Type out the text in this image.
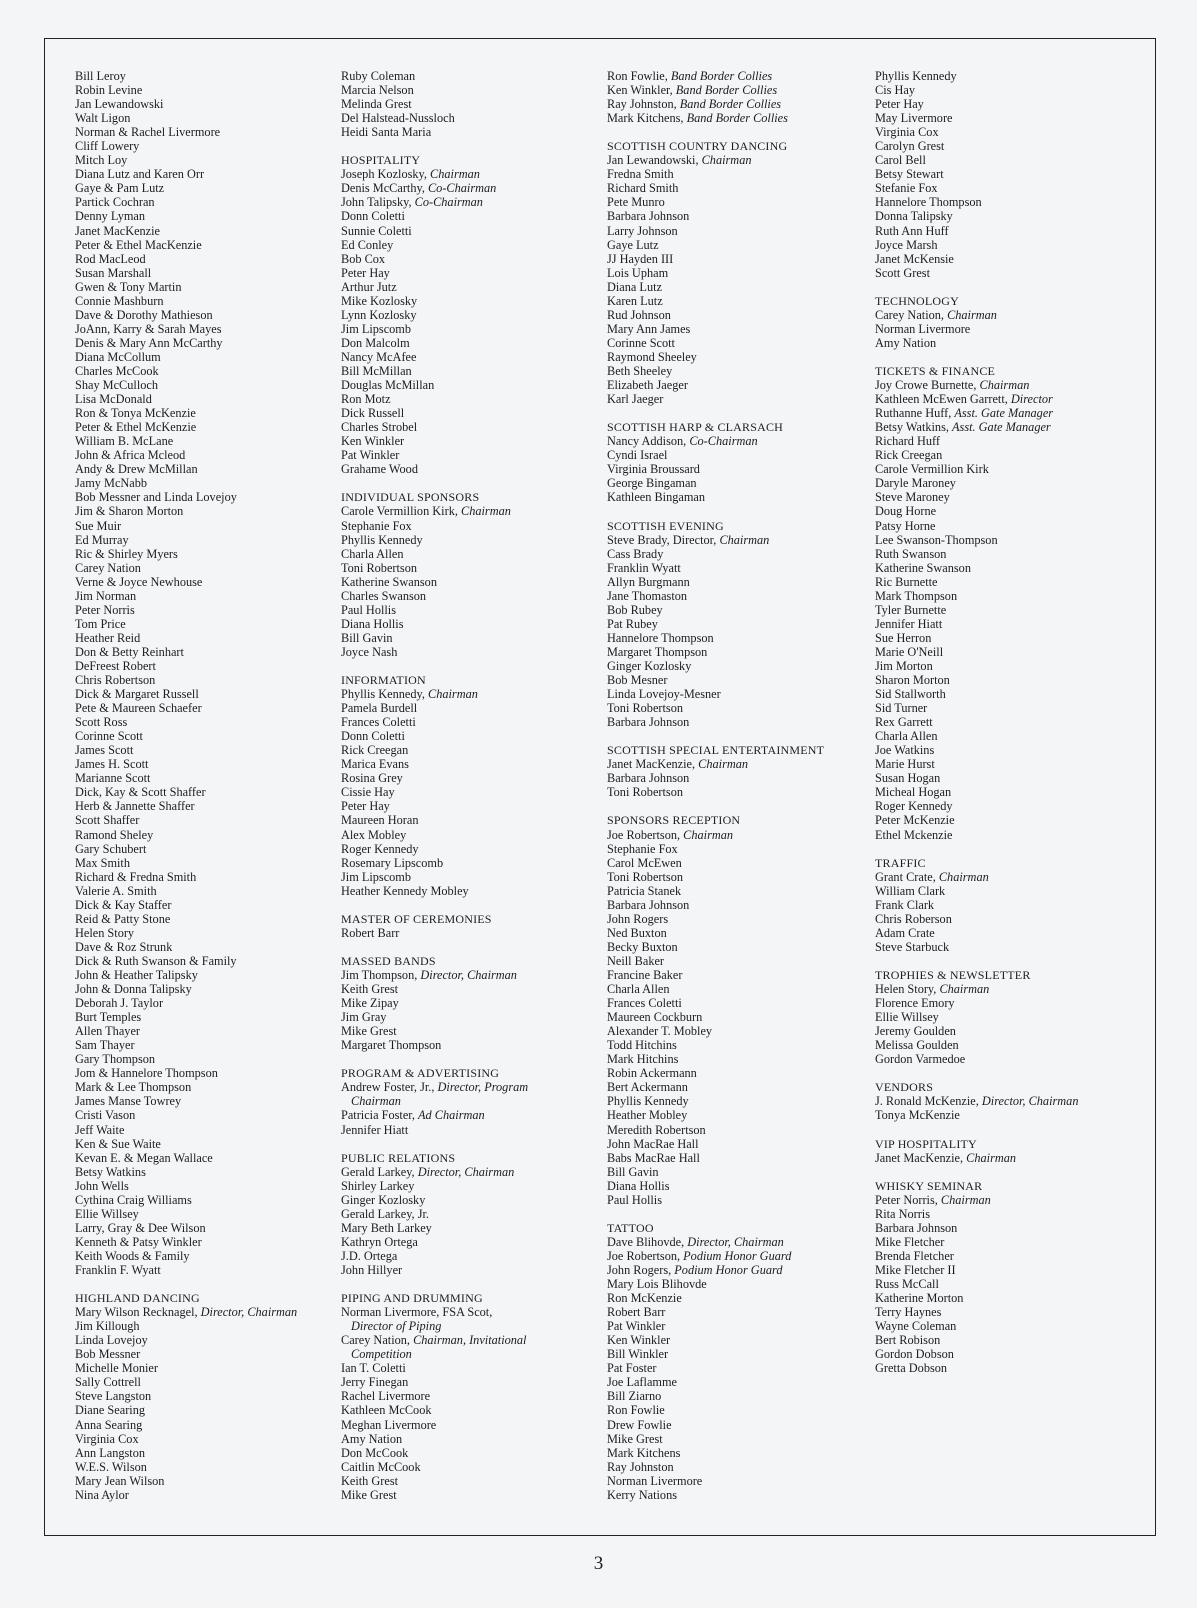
Bill Leroy
Robin Levine
Jan Lewandowski
Walt Ligon
Norman & Rachel Livermore
Cliff Lowery
Mitch Loy
Diana Lutz and Karen Orr
Gaye & Pam Lutz
Partick Cochran
Denny Lyman
Janet MacKenzie
Peter & Ethel MacKenzie
Rod MacLeod
Susan Marshall
Gwen & Tony Martin
Connie Mashburn
Dave & Dorothy Mathieson
JoAnn, Karry & Sarah Mayes
Denis & Mary Ann McCarthy
Diana McCollum
Charles McCook
Shay McCulloch
Lisa McDonald
Ron & Tonya McKenzie
Peter & Ethel McKenzie
William B. McLane
John & Africa Mcleod
Andy & Drew McMillan
Jamy McNabb
Bob Messner and Linda Lovejoy
Jim & Sharon Morton
Sue Muir
Ed Murray
Ric & Shirley Myers
Carey Nation
Verne & Joyce Newhouse
Jim Norman
Peter Norris
Tom Price
Heather Reid
Don & Betty Reinhart
DeFreest Robert
Chris Robertson
Dick & Margaret Russell
Pete & Maureen Schaefer
Scott Ross
Corinne Scott
James Scott
James H. Scott
Marianne Scott
Dick, Kay & Scott Shaffer
Herb & Jannette Shaffer
Scott Shaffer
Ramond Sheley
Gary Schubert
Max Smith
Richard & Fredna Smith
Valerie A. Smith
Dick & Kay Staffer
Reid & Patty Stone
Helen Story
Dave & Roz Strunk
Dick & Ruth Swanson & Family
John & Heather Talipsky
John & Donna Talipsky
Deborah J. Taylor
Burt Temples
Allen Thayer
Sam Thayer
Gary Thompson
Jom & Hannelore Thompson
Mark & Lee Thompson
James Manse Towrey
Cristi Vason
Jeff Waite
Ken & Sue Waite
Kevan E. & Megan Wallace
Betsy Watkins
John Wells
Cythina Craig Williams
Ellie Willsey
Larry, Gray & Dee Wilson
Kenneth & Patsy Winkler
Keith Woods & Family
Franklin F. Wyatt
HIGHLAND DANCING
Mary Wilson Recknagel, Director, Chairman
Jim Killough
Linda Lovejoy
Bob Messner
Michelle Monier
Sally Cottrell
Steve Langston
Diane Searing
Anna Searing
Virginia Cox
Ann Langston
W.E.S. Wilson
Mary Jean Wilson
Nina Aylor
Ruby Coleman
Marcia Nelson
Melinda Grest
Del Halstead-Nussloch
Heidi Santa Maria
HOSPITALITY
Joseph Kozlosky, Chairman
Denis McCarthy, Co-Chairman
John Talipsky, Co-Chairman
Donn Coletti
Sunnie Coletti
Ed Conley
Bob Cox
Peter Hay
Arthur Jutz
Mike Kozlosky
Lynn Kozlosky
Jim Lipscomb
Don Malcolm
Nancy McAfee
Bill McMillan
Douglas McMillan
Ron Motz
Dick Russell
Charles Strobel
Ken Winkler
Pat Winkler
Grahame Wood
INDIVIDUAL SPONSORS
Carole Vermillion Kirk, Chairman
Stephanie Fox
Phyllis Kennedy
Charla Allen
Toni Robertson
Katherine Swanson
Charles Swanson
Paul Hollis
Diana Hollis
Bill Gavin
Joyce Nash
INFORMATION
Phyllis Kennedy, Chairman
Pamela Burdell
Frances Coletti
Donn Coletti
Rick Creegan
Marica Evans
Rosina Grey
Cissie Hay
Peter Hay
Maureen Horan
Alex Mobley
Roger Kennedy
Rosemary Lipscomb
Jim Lipscomb
Heather Kennedy Mobley
MASTER OF CEREMONIES
Robert Barr
MASSED BANDS
Jim Thompson, Director, Chairman
Keith Grest
Mike Zipay
Jim Gray
Mike Grest
Margaret Thompson
PROGRAM & ADVERTISING
Andrew Foster, Jr., Director, Program
Chairman
Patricia Foster, Ad Chairman
Jennifer Hiatt
PUBLIC RELATIONS
Gerald Larkey, Director, Chairman
Shirley Larkey
Ginger Kozlosky
Gerald Larkey, Jr.
Mary Beth Larkey
Kathryn Ortega
J.D. Ortega
John Hillyer
PIPING AND DRUMMING
Norman Livermore, FSA Scot,
Director of Piping
Carey Nation, Chairman, Invitational
Competition
Ian T. Coletti
Jerry Finegan
Rachel Livermore
Kathleen McCook
Meghan Livermore
Amy Nation
Don McCook
Caitlin McCook
Keith Grest
Mike Grest
Ron Fowlie, Band Border Collies
Ken Winkler, Band Border Collies
Ray Johnston, Band Border Collies
Mark Kitchens, Band Border Collies
SCOTTISH COUNTRY DANCING
Jan Lewandowski, Chairman
Fredna Smith
Richard Smith
Pete Munro
Barbara Johnson
Larry Johnson
Gaye Lutz
JJ Hayden III
Lois Upham
Diana Lutz
Karen Lutz
Rud Johnson
Mary Ann James
Corinne Scott
Raymond Sheeley
Beth Sheeley
Elizabeth Jaeger
Karl Jaeger
SCOTTISH HARP & CLARSACH
Nancy Addison, Co-Chairman
Cyndi Israel
Virginia Broussard
George Bingaman
Kathleen Bingaman
SCOTTISH EVENING
Steve Brady, Director, Chairman
Cass Brady
Franklin Wyatt
Allyn Burgmann
Jane Thomaston
Bob Rubey
Pat Rubey
Hannelore Thompson
Margaret Thompson
Ginger Kozlosky
Bob Mesner
Linda Lovejoy-Mesner
Toni Robertson
Barbara Johnson
SCOTTISH SPECIAL ENTERTAINMENT
Janet MacKenzie, Chairman
Barbara Johnson
Toni Robertson
SPONSORS RECEPTION
Joe Robertson, Chairman
Stephanie Fox
Carol McEwen
Toni Robertson
Patricia Stanek
Barbara Johnson
John Rogers
Ned Buxton
Becky Buxton
Neill Baker
Francine Baker
Charla Allen
Frances Coletti
Maureen Cockburn
Alexander T. Mobley
Todd Hitchins
Mark Hitchins
Robin Ackermann
Bert Ackermann
Phyllis Kennedy
Heather Mobley
Meredith Robertson
John MacRae Hall
Babs MacRae Hall
Bill Gavin
Diana Hollis
Paul Hollis
TATTOO
Dave Blihovde, Director, Chairman
Joe Robertson, Podium Honor Guard
John Rogers, Podium Honor Guard
Mary Lois Blihovde
Ron McKenzie
Robert Barr
Pat Winkler
Ken Winkler
Bill Winkler
Pat Foster
Joe Laflamme
Bill Ziarno
Ron Fowlie
Drew Fowlie
Mike Grest
Mark Kitchens
Ray Johnston
Norman Livermore
Kerry Nations
Phyllis Kennedy
Cis Hay
Peter Hay
May Livermore
Virginia Cox
Carolyn Grest
Carol Bell
Betsy Stewart
Stefanie Fox
Hannelore Thompson
Donna Talipsky
Ruth Ann Huff
Joyce Marsh
Janet McKensie
Scott Grest
TECHNOLOGY
Carey Nation, Chairman
Norman Livermore
Amy Nation
TICKETS & FINANCE
Joy Crowe Burnette, Chairman
Kathleen McEwen Garrett, Director
Ruthanne Huff, Asst. Gate Manager
Betsy Watkins, Asst. Gate Manager
Richard Huff
Rick Creegan
Carole Vermillion Kirk
Daryle Maroney
Steve Maroney
Doug Horne
Patsy Horne
Lee Swanson-Thompson
Ruth Swanson
Katherine Swanson
Ric Burnette
Mark Thompson
Tyler Burnette
Jennifer Hiatt
Sue Herron
Marie O'Neill
Jim Morton
Sharon Morton
Sid Stallworth
Sid Turner
Rex Garrett
Charla Allen
Joe Watkins
Marie Hurst
Susan Hogan
Micheal Hogan
Roger Kennedy
Peter McKenzie
Ethel Mckenzie
TRAFFIC
Grant Crate, Chairman
William Clark
Frank Clark
Chris Roberson
Adam Crate
Steve Starbuck
TROPHIES & NEWSLETTER
Helen Story, Chairman
Florence Emory
Ellie Willsey
Jeremy Goulden
Melissa Goulden
Gordon Varmedoe
VENDORS
J. Ronald McKenzie, Director, Chairman
Tonya McKenzie
VIP HOSPITALITY
Janet MacKenzie, Chairman
WHISKY SEMINAR
Peter Norris, Chairman
Rita Norris
Barbara Johnson
Mike Fletcher
Brenda Fletcher
Mike Fletcher II
Russ McCall
Katherine Morton
Terry Haynes
Wayne Coleman
Bert Robison
Gordon Dobson
Gretta Dobson
3
